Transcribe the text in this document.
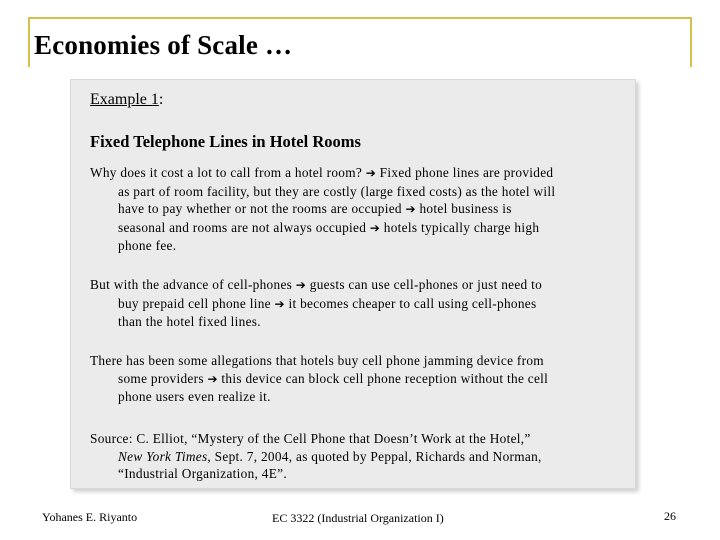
Economies of Scale …
Example 1:
Fixed Telephone Lines in Hotel Rooms
Why does it cost a lot to call from a hotel room? ➔ Fixed phone lines are provided
as part of room facility, but they are costly (large fixed costs) as the hotel will
have to pay whether or not the rooms are occupied ➔ hotel business is
seasonal and rooms are not always occupied ➔ hotels typically charge high
phone fee.
But with the advance of cell-phones ➔ guests can use cell-phones or just need to
buy prepaid cell phone line ➔ it becomes cheaper to call using cell-phones
than the hotel fixed lines.
There has been some allegations that hotels buy cell phone jamming device from
some providers ➔ this device can block cell phone reception without the cell
phone users even realize it.
Source: C. Elliot, “Mystery of the Cell Phone that Doesn’t Work at the Hotel,”
New York Times, Sept. 7, 2004, as quoted by Peppal, Richards and Norman,
“Industrial Organization, 4E”.
Yohanes E. Riyanto	EC 3322 (Industrial Organization I)	26
